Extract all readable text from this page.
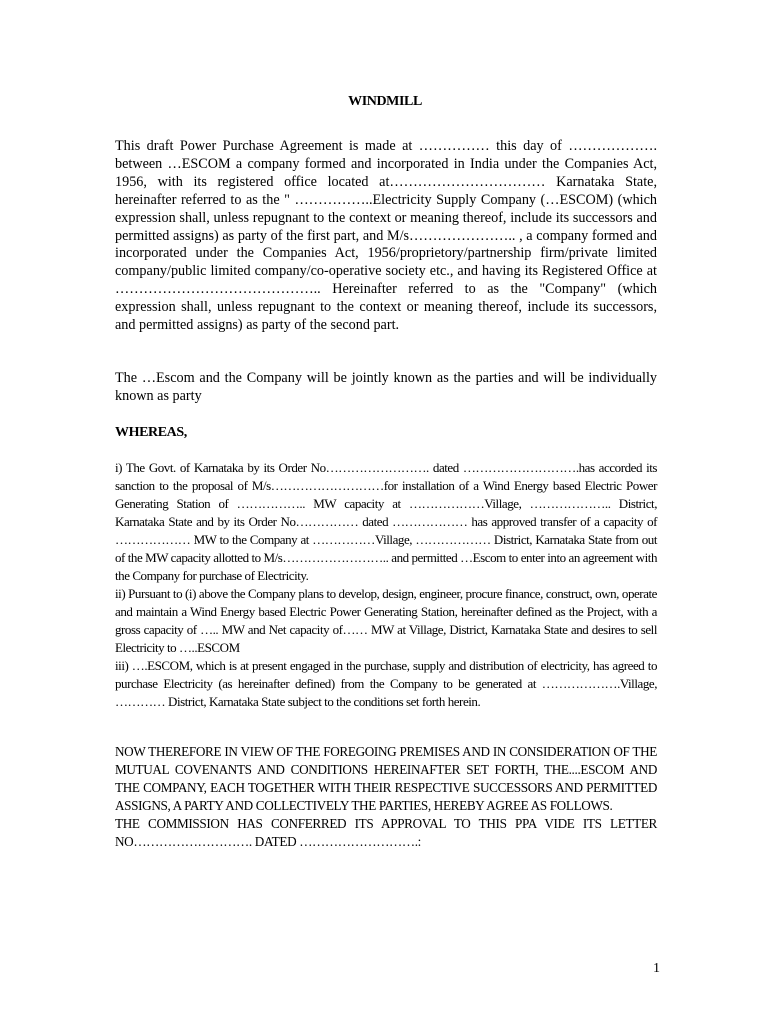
WINDMILL

This draft Power Purchase Agreement is made at …………… this day of ………………. between …ESCOM a company formed and incorporated in India under the Companies Act, 1956, with its registered office located at…………………………… Karnataka State, hereinafter referred to as the " ……………..Electricity Supply Company (…ESCOM) (which expression shall, unless repugnant to the context or meaning thereof, include its successors and permitted assigns) as party of the first part, and M/s………………….. , a company formed and incorporated under the Companies Act, 1956/proprietory/partnership firm/private limited company/public limited company/co-operative society etc., and having its Registered Office at …………………………………….. Hereinafter referred to as the "Company" (which expression shall, unless repugnant to the context or meaning thereof, include its successors, and permitted assigns) as party of the second part.

The …Escom and the Company will be jointly known as the parties and will be individually known as party

WHEREAS,

i) The Govt. of Karnataka by its Order No……………………. dated ……………………….has accorded its sanction to the proposal of M/s………………………for installation of a Wind Energy based Electric Power Generating Station of …………….. MW capacity at ………………Village, ……………….. District, Karnataka State and by its Order No…………… dated ……………… has approved transfer of a capacity of ……………… MW to the Company at ……………Village, ……………… District, Karnataka State from out of the MW capacity allotted to M/s…………………….. and permitted …Escom to enter into an agreement with the Company for purchase of Electricity.

ii) Pursuant to (i) above the Company plans to develop, design, engineer, procure finance, construct, own, operate and maintain a Wind Energy based Electric Power Generating Station, hereinafter defined as the Project, with a gross capacity of ….. MW and Net capacity of…… MW at Village, District, Karnataka State and desires to sell Electricity to …..ESCOM

iii) ….ESCOM, which is at present engaged in the purchase, supply and distribution of electricity, has agreed to purchase Electricity (as hereinafter defined) from the Company to be generated at ……………….Village, ………… District, Karnataka State subject to the conditions set forth herein.

NOW THEREFORE IN VIEW OF THE FOREGOING PREMISES AND IN CONSIDERATION OF THE MUTUAL COVENANTS AND CONDITIONS HEREINAFTER SET FORTH, THE....ESCOM AND THE COMPANY, EACH TOGETHER WITH THEIR RESPECTIVE SUCCESSORS AND PERMITTED ASSIGNS, A PARTY AND COLLECTIVELY THE PARTIES, HEREBY AGREE AS FOLLOWS.

THE COMMISSION HAS CONFERRED ITS APPROVAL TO THIS PPA VIDE ITS LETTER NO………………………. DATED ……………………….:

1
